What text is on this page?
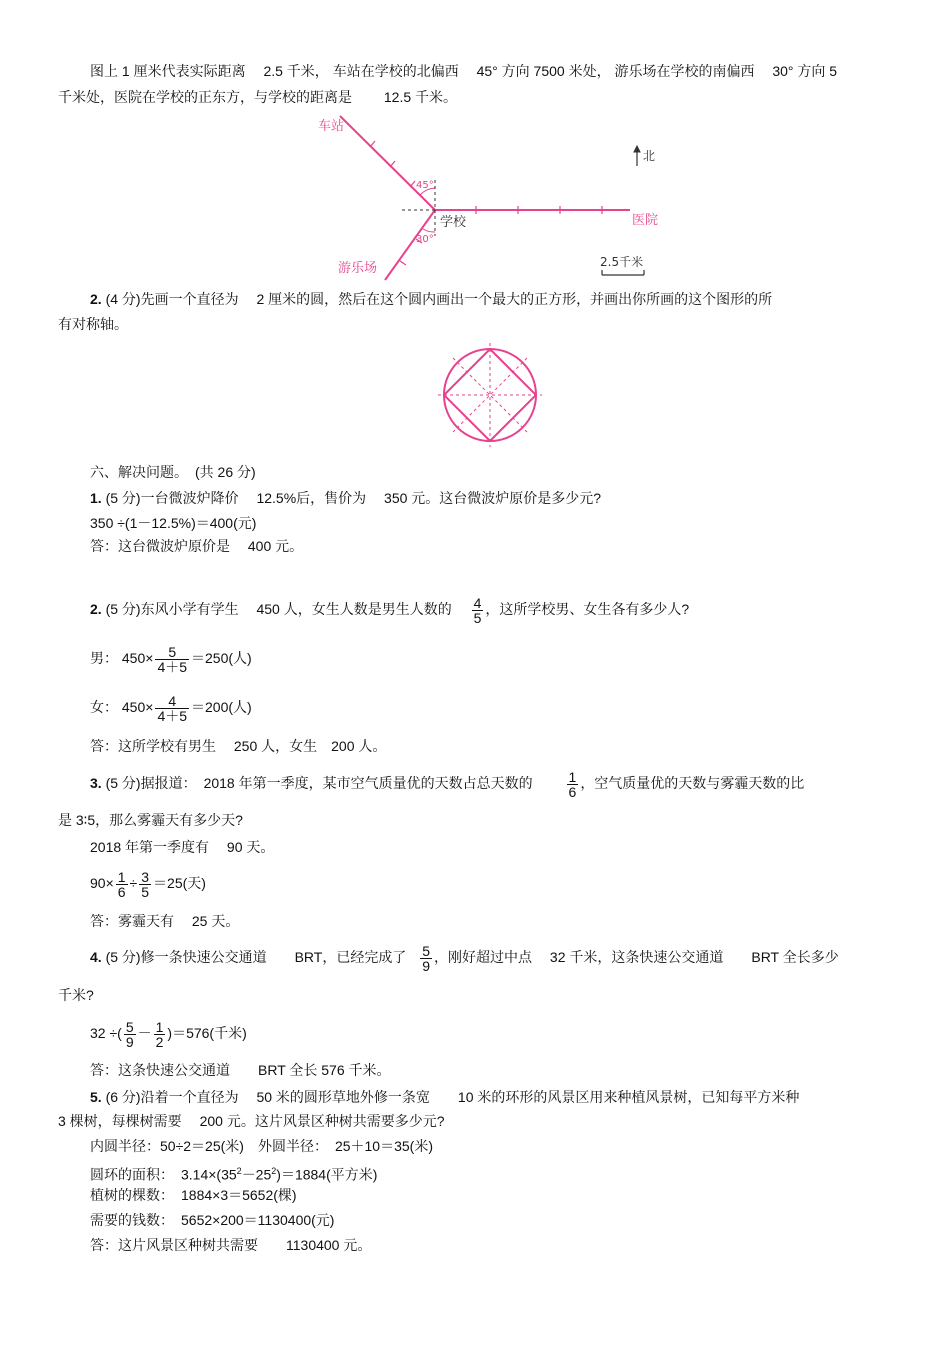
图上 1 厘米代表实际距离　 2.5 千米， 车站在学校的北偏西　 45° 方向 7500 米处， 游乐场在学校的南偏西　 30° 方向 5
千米处，医院在学校的正东方，与学校的距离是　　 12.5 千米。
车站
学校	医院
游乐场
45°
30°
北
2.5千米
2. (4 分)先画一个直径为　 2 厘米的圆，然后在这个圆内画出一个最大的正方形，并画出你所画的这个图形的所
有对称轴。
六、解决问题。　(共 26 分)
1. (5 分)一台微波炉降价　 12.5%后，售价为　 350 元。这台微波炉原价是多少元?
350 ÷(1－12.5%)＝400(元)
答：这台微波炉原价是　 400 元。
2. (5 分)东风小学有学生　 450 人，女生人数是男生人数的 $\frac{4}{5}$ ，这所学校男、女生各有多少人?
男： $450\times \frac{5}{4+5} =250$(人)
女： $450\times \frac{4}{4+5} =200$(人)
答：这所学校有男生　 250 人，女生　200 人。
3. (5 分)据报道：　2018 年第一季度，某市空气质量优的天数占总天数的 $\frac{1}{6}$ ，空气质量优的天数与雾霾天数的比
是 3∶5，那么雾霾天有多少天?
2018 年第一季度有　 90 天。
$90\times \frac{1}{6} \div \frac{3}{5} =25$(天)
答：雾霾天有　 25 天。
4. (5 分)修一条快速公交通道　　BRT，已经完成了 $\frac{5}{9}$ ，刚好超过中点　 32 千米，这条快速公交通道　　BRT 全长多少
千米?
32 ÷( $\frac{5}{9} - \frac{1}{2} )=576$(千米)
答：这条快速公交通道　　BRT 全长 576 千米。
5. (6 分)沿着一个直径为　 50 米的圆形草地外修一条宽　　10 米的环形的风景区用来种植风景树，已知每平方米种
3 棵树，每棵树需要　 200 元。这片风景区种树共需要多少元?
内圆半径：50÷2＝25(米)　外圆半径：　25＋10＝35(米)
圆环的面积：　 $3.14\times(35^2-25^2)=1884$(平方米)
植树的棵数：　 1884×3＝5652(棵)
需要的钱数：　 5652×200＝1130400(元)
答：这片风景区种树共需要　　1130400 元。
